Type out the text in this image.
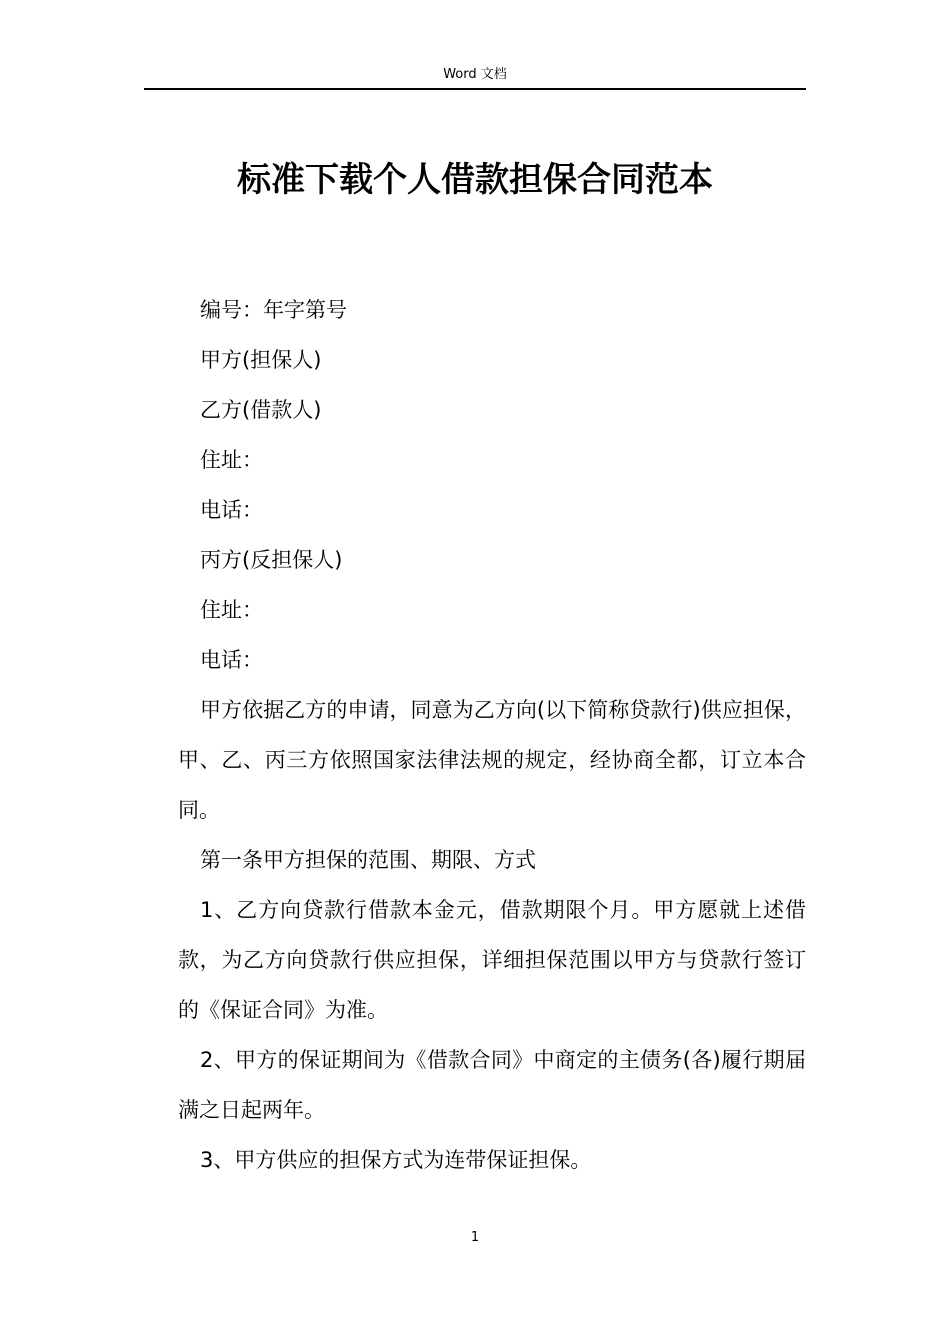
Word 文档
标准下载个人借款担保合同范本

编号：年字第号

甲方(担保人)

乙方(借款人)

住址：

电话：

丙方(反担保人)

住址：

电话：

甲方依据乙方的申请，同意为乙方向(以下简称贷款行)供应担保，甲、乙、丙三方依照国家法律法规的规定，经协商全都，订立本合同。

第一条甲方担保的范围、期限、方式

1、乙方向贷款行借款本金元，借款期限个月。甲方愿就上述借款，为乙方向贷款行供应担保，详细担保范围以甲方与贷款行签订的《保证合同》为准。

2、甲方的保证期间为《借款合同》中商定的主债务(各)履行期届满之日起两年。

3、甲方供应的担保方式为连带保证担保。

1
